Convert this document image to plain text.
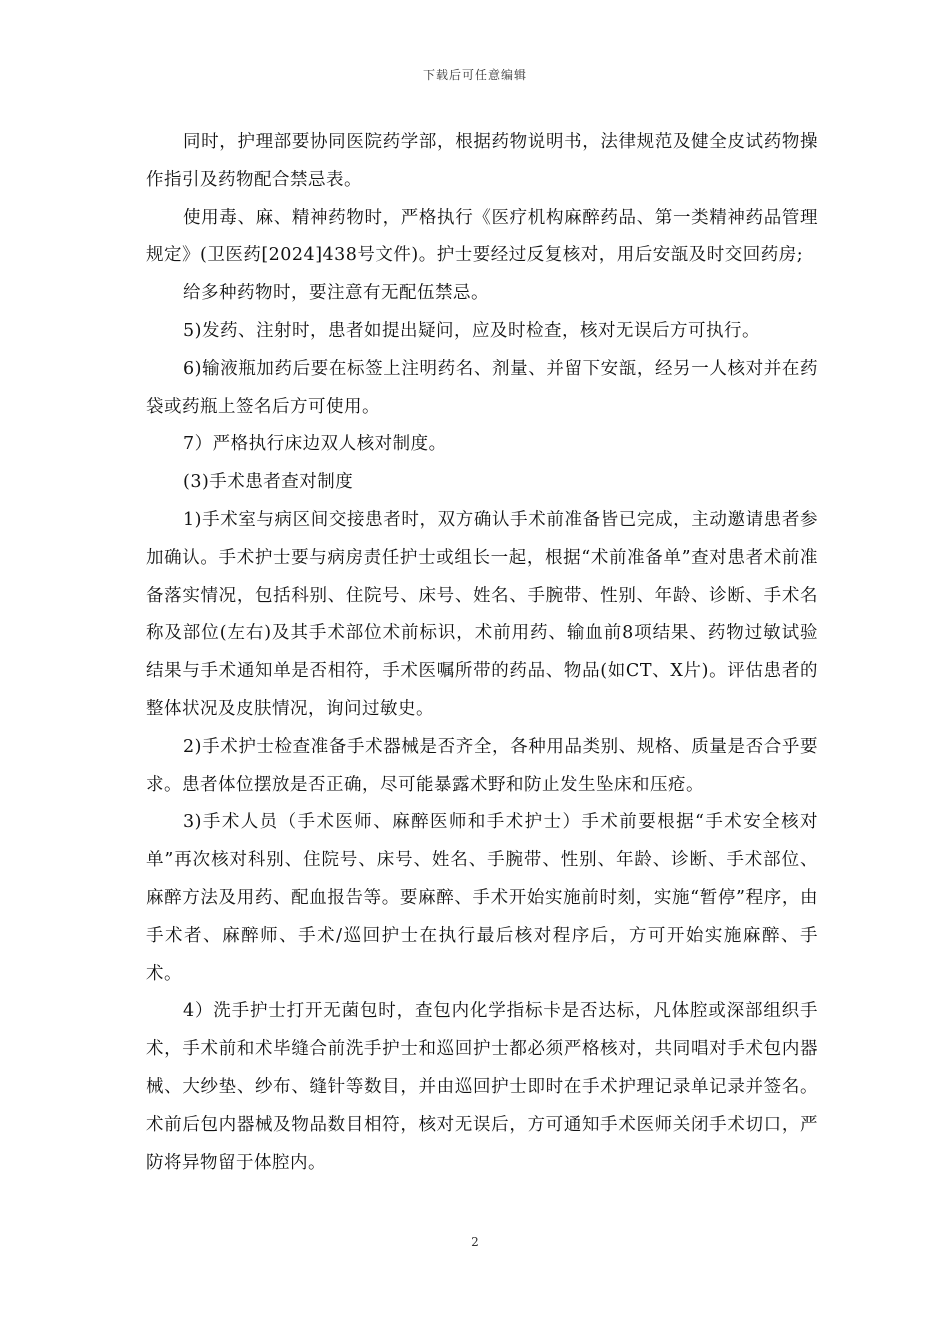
下载后可任意编辑

同时，护理部要协同医院药学部，根据药物说明书，法律规范及健全皮试药物操作指引及药物配合禁忌表。

使用毒、麻、精神药物时，严格执行《医疗机构麻醉药品、第一类精神药品管理规定》(卫医药[2024]438号文件)。护士要经过反复核对，用后安瓿及时交回药房;

给多种药物时，要注意有无配伍禁忌。

5)发药、注射时，患者如提出疑问，应及时检查，核对无误后方可执行。

6)输液瓶加药后要在标签上注明药名、剂量、并留下安瓿，经另一人核对并在药袋或药瓶上签名后方可使用。

7）严格执行床边双人核对制度。

(3)手术患者查对制度

1)手术室与病区间交接患者时，双方确认手术前准备皆已完成，主动邀请患者参加确认。手术护士要与病房责任护士或组长一起，根据“术前准备单”查对患者术前准备落实情况，包括科别、住院号、床号、姓名、手腕带、性别、年龄、诊断、手术名称及部位(左右)及其手术部位术前标识，术前用药、输血前8项结果、药物过敏试验结果与手术通知单是否相符，手术医嘱所带的药品、物品(如CT、X片)。评估患者的整体状况及皮肤情况，询问过敏史。

2)手术护士检查准备手术器械是否齐全，各种用品类别、规格、质量是否合乎要求。患者体位摆放是否正确，尽可能暴露术野和防止发生坠床和压疮。

3)手术人员（手术医师、麻醉医师和手术护士）手术前要根据“手术安全核对单”再次核对科别、住院号、床号、姓名、手腕带、性别、年龄、诊断、手术部位、麻醉方法及用药、配血报告等。要麻醉、手术开始实施前时刻，实施“暂停”程序，由手术者、麻醉师、手术/巡回护士在执行最后核对程序后，方可开始实施麻醉、手术。

4）洗手护士打开无菌包时，查包内化学指标卡是否达标，凡体腔或深部组织手术，手术前和术毕缝合前洗手护士和巡回护士都必须严格核对，共同唱对手术包内器械、大纱垫、纱布、缝针等数目，并由巡回护士即时在手术护理记录单记录并签名。术前后包内器械及物品数目相符，核对无误后，方可通知手术医师关闭手术切口，严防将异物留于体腔内。

2
